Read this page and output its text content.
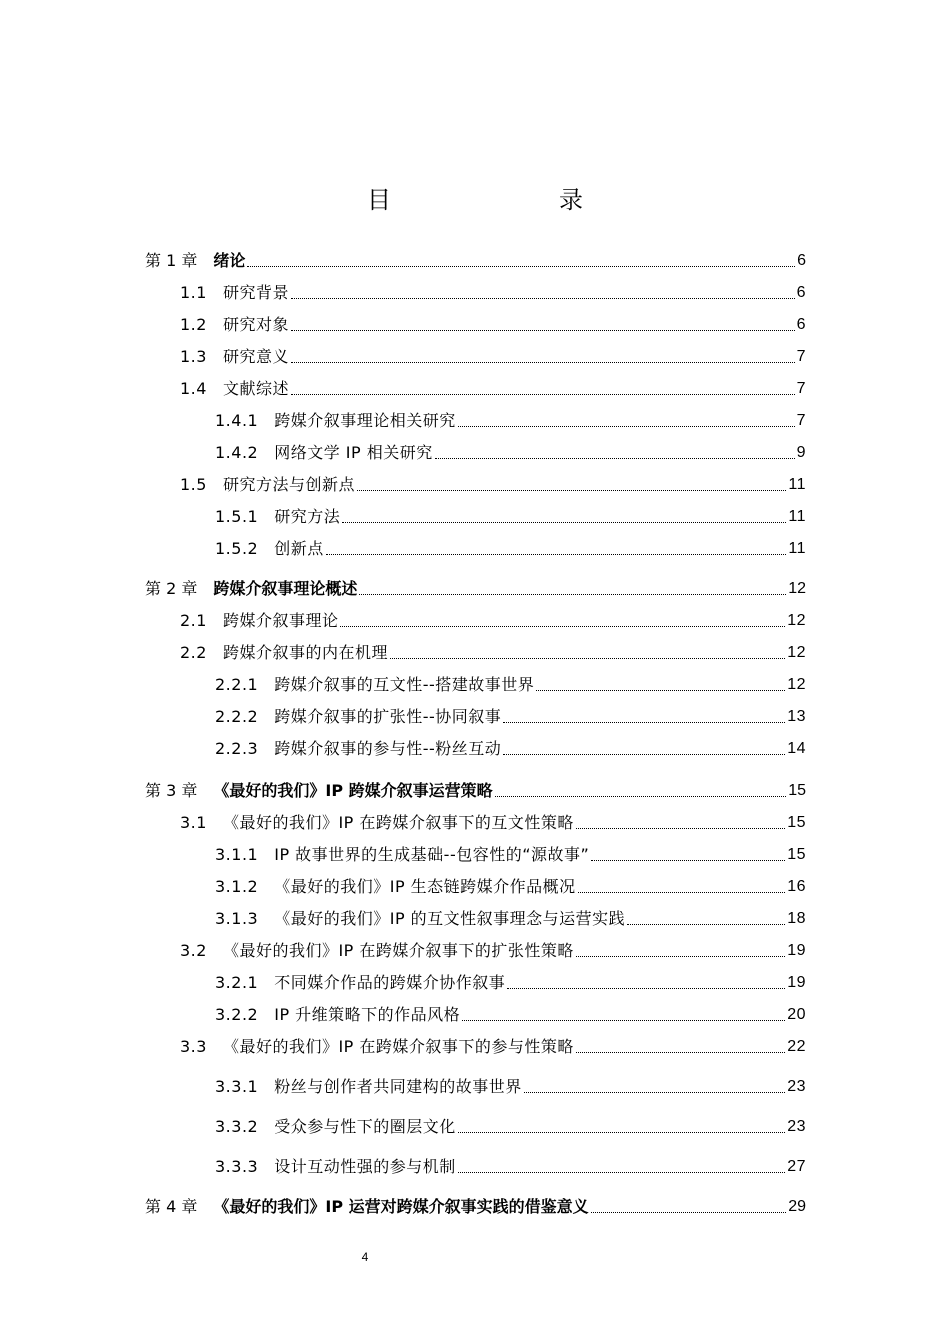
目　　录
第 1 章 绪论	6
1.1 研究背景	6
1.2 研究对象	6
1.3 研究意义	7
1.4 文献综述	7
1.4.1 跨媒介叙事理论相关研究	7
1.4.2 网络文学 IP 相关研究	9
1.5 研究方法与创新点	11
1.5.1 研究方法	11
1.5.2 创新点	11
第 2 章 跨媒介叙事理论概述	12
2.1 跨媒介叙事理论	12
2.2 跨媒介叙事的内在机理	12
2.2.1 跨媒介叙事的互文性--搭建故事世界	12
2.2.2 跨媒介叙事的扩张性--协同叙事	13
2.2.3 跨媒介叙事的参与性--粉丝互动	14
第 3 章 《最好的我们》IP 跨媒介叙事运营策略	15
3.1 《最好的我们》IP 在跨媒介叙事下的互文性策略	15
3.1.1 IP 故事世界的生成基础--包容性的“源故事”	15
3.1.2 《最好的我们》IP 生态链跨媒介作品概况	16
3.1.3 《最好的我们》IP 的互文性叙事理念与运营实践	18
3.2 《最好的我们》IP 在跨媒介叙事下的扩张性策略	19
3.2.1 不同媒介作品的跨媒介协作叙事	19
3.2.2 IP 升维策略下的作品风格	20
3.3 《最好的我们》IP 在跨媒介叙事下的参与性策略	22
3.3.1 粉丝与创作者共同建构的故事世界	23
3.3.2 受众参与性下的圈层文化	23
3.3.3 设计互动性强的参与机制	27
第 4 章 《最好的我们》IP 运营对跨媒介叙事实践的借鉴意义	29
4
